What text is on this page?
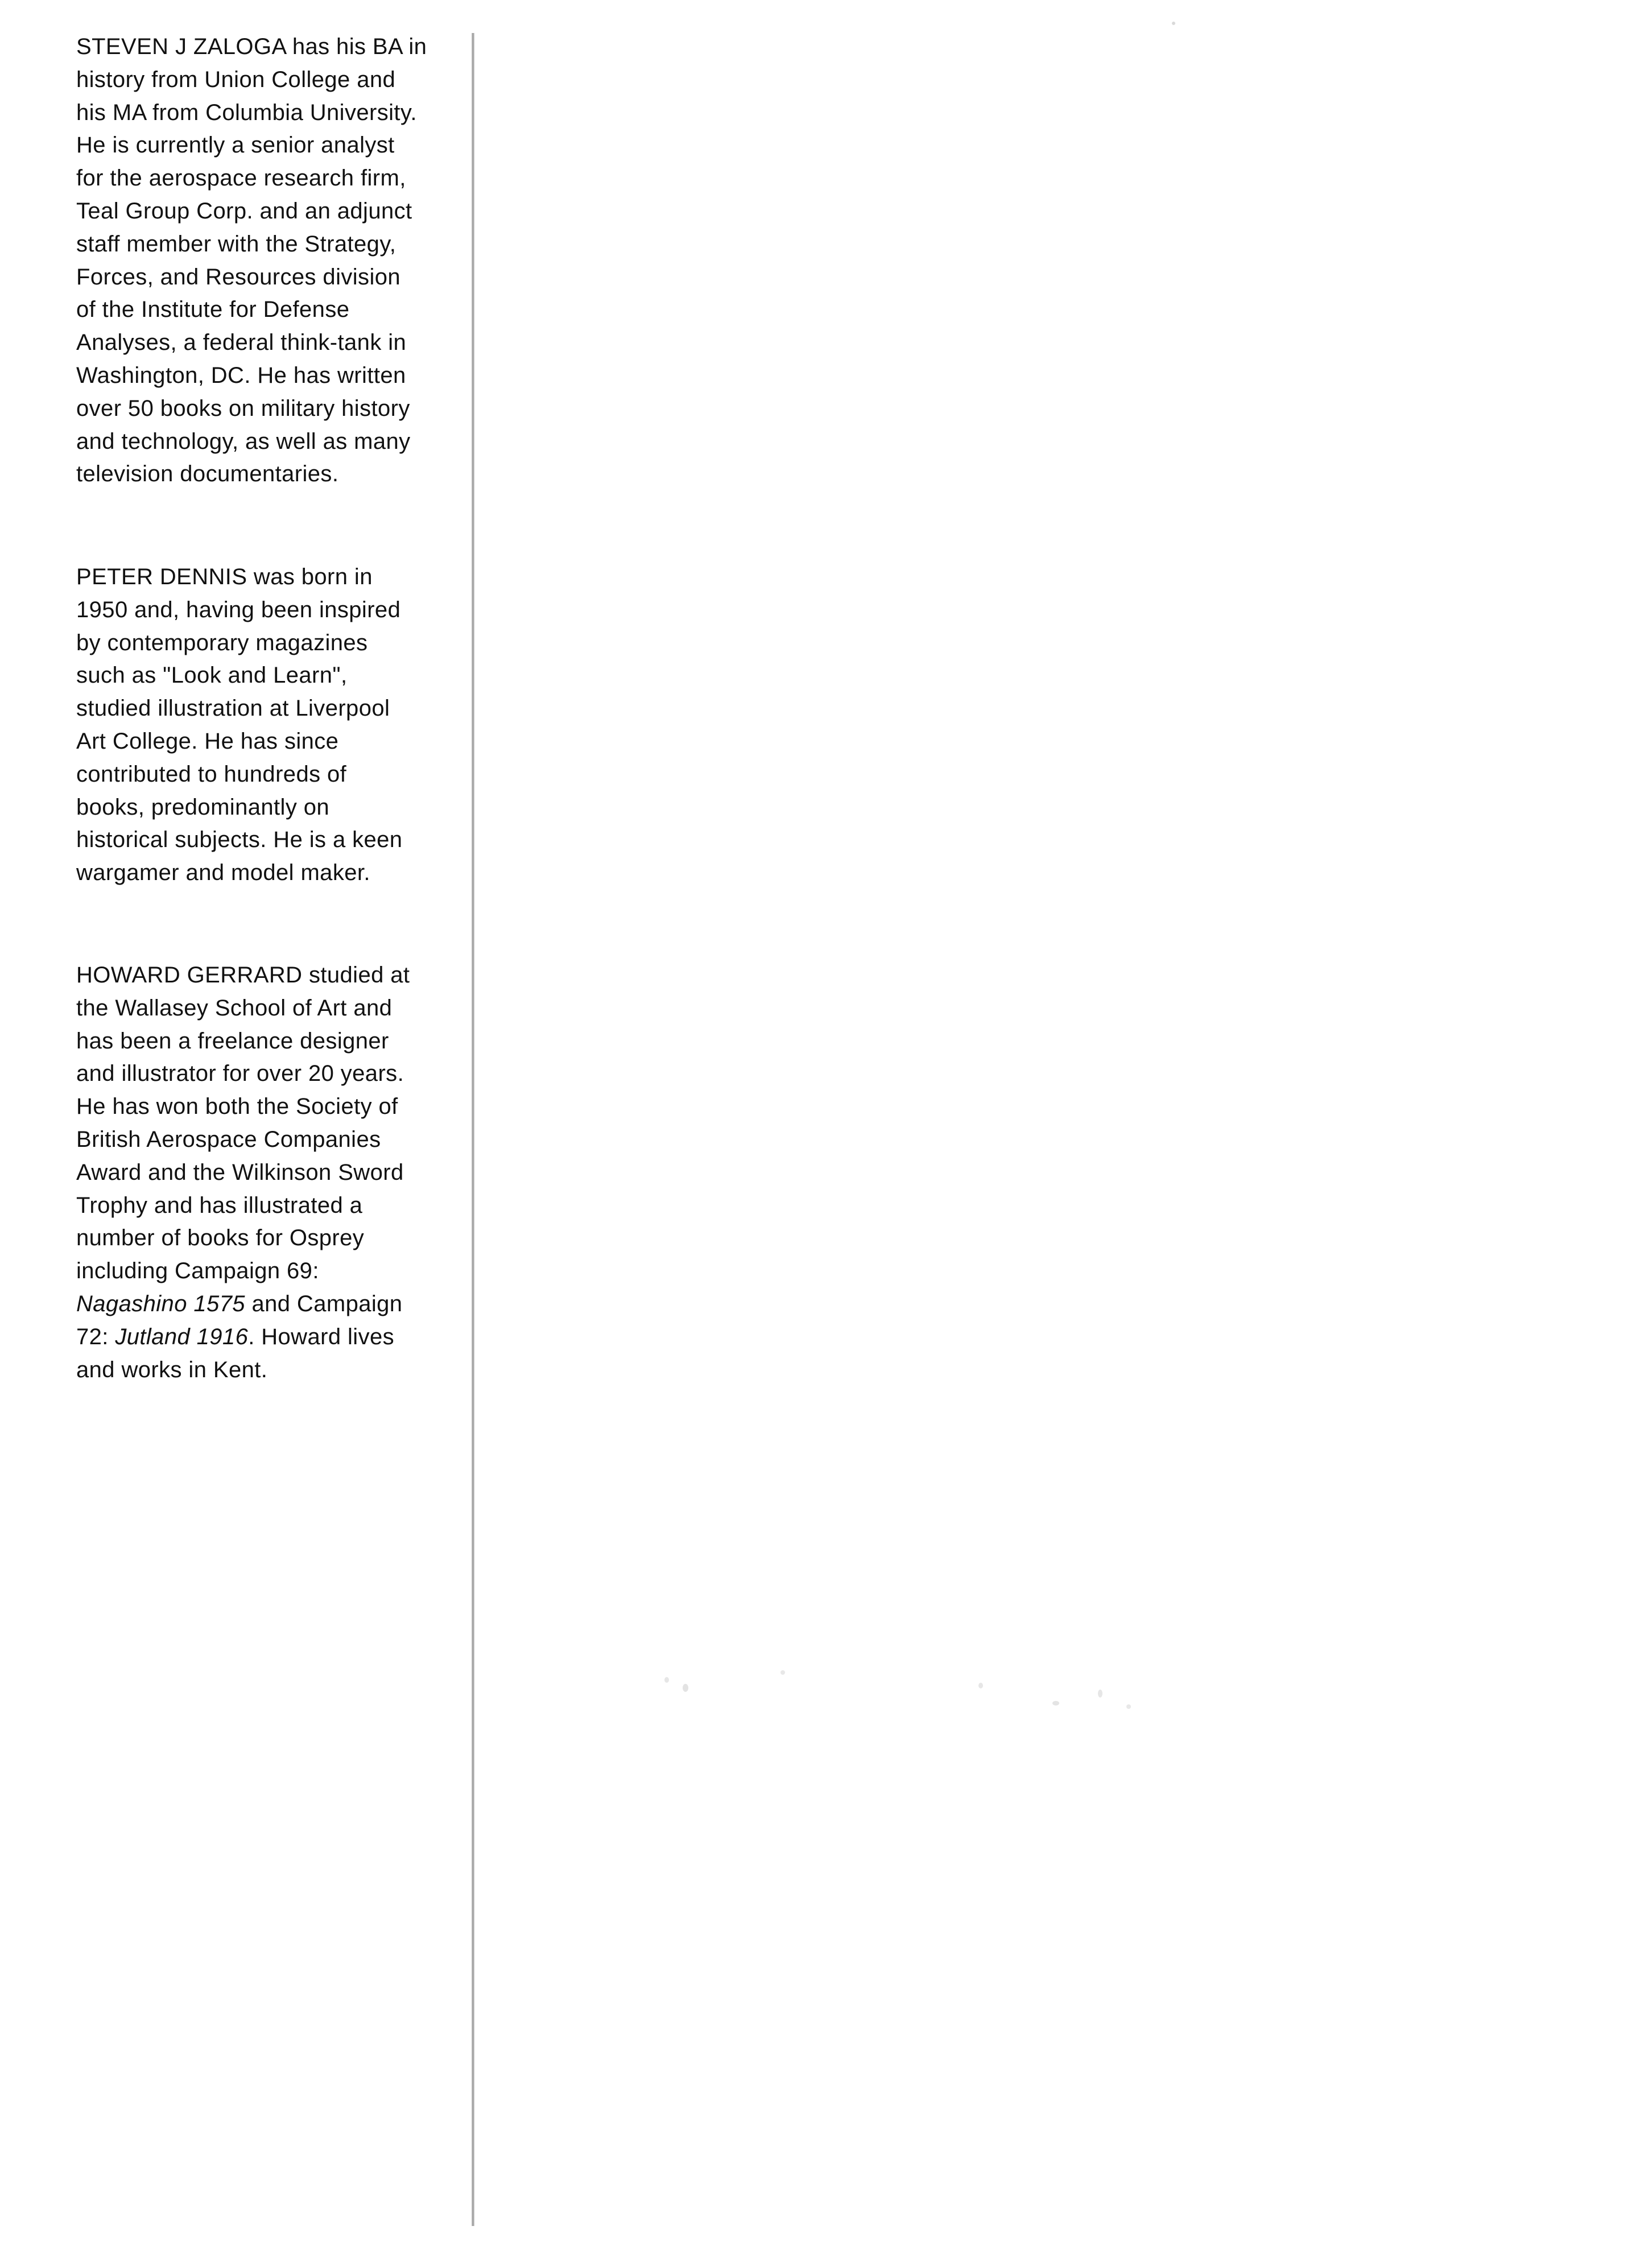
STEVEN J ZALOGA has his BA in
history from Union College and
his MA from Columbia University.
He is currently a senior analyst
for the aerospace research firm,
Teal Group Corp. and an adjunct
staff member with the Strategy,
Forces, and Resources division
of the Institute for Defense
Analyses, a federal think-tank in
Washington, DC. He has written
over 50 books on military history
and technology, as well as many
television documentaries.

PETER DENNIS was born in
1950 and, having been inspired
by contemporary magazines
such as "Look and Learn",
studied illustration at Liverpool
Art College. He has since
contributed to hundreds of
books, predominantly on
historical subjects. He is a keen
wargamer and model maker.

HOWARD GERRARD studied at
the Wallasey School of Art and
has been a freelance designer
and illustrator for over 20 years.
He has won both the Society of
British Aerospace Companies
Award and the Wilkinson Sword
Trophy and has illustrated a
number of books for Osprey
including Campaign 69:
Nagashino 1575 and Campaign
72: Jutland 1916. Howard lives
and works in Kent.
